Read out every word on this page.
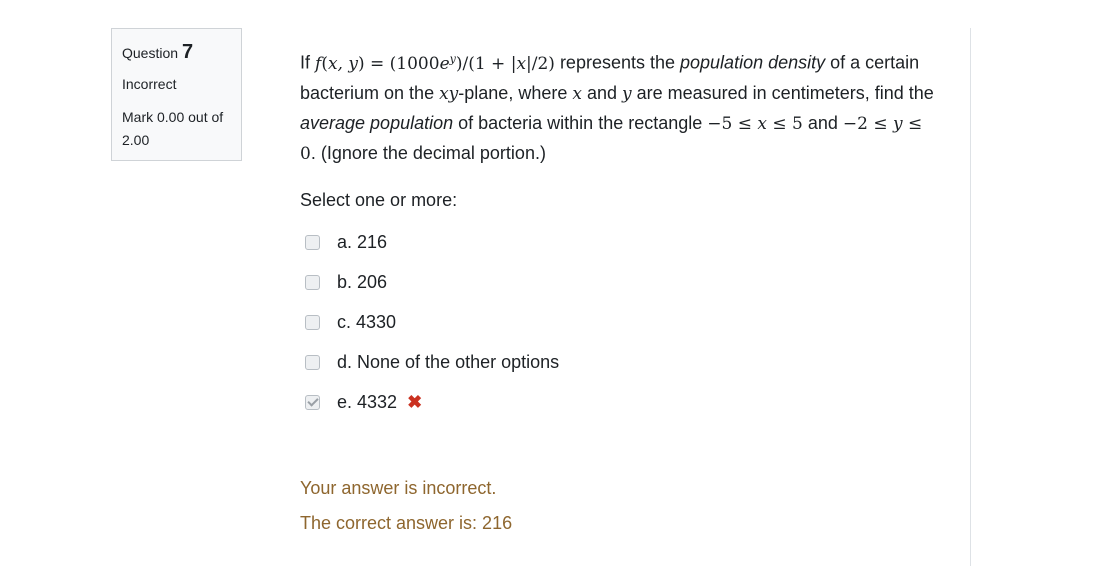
Question 7
Incorrect
Mark 0.00 out of
2.00
If f(x, $y) = (1000e^y)/(1 + |x|/2)$ represents the population density of a certain bacterium on the xy-plane, where x and y are measured in centimeters, find the average population of bacteria within the rectangle −5 ≤ x ≤ 5 and −2 ≤ y ≤ 0. (Ignore the decimal portion.)
Select one or more:
a. 216
b. 206
c. 4330
d. None of the other options
e. 4332 ✖
Your answer is incorrect.
The correct answer is: 216
